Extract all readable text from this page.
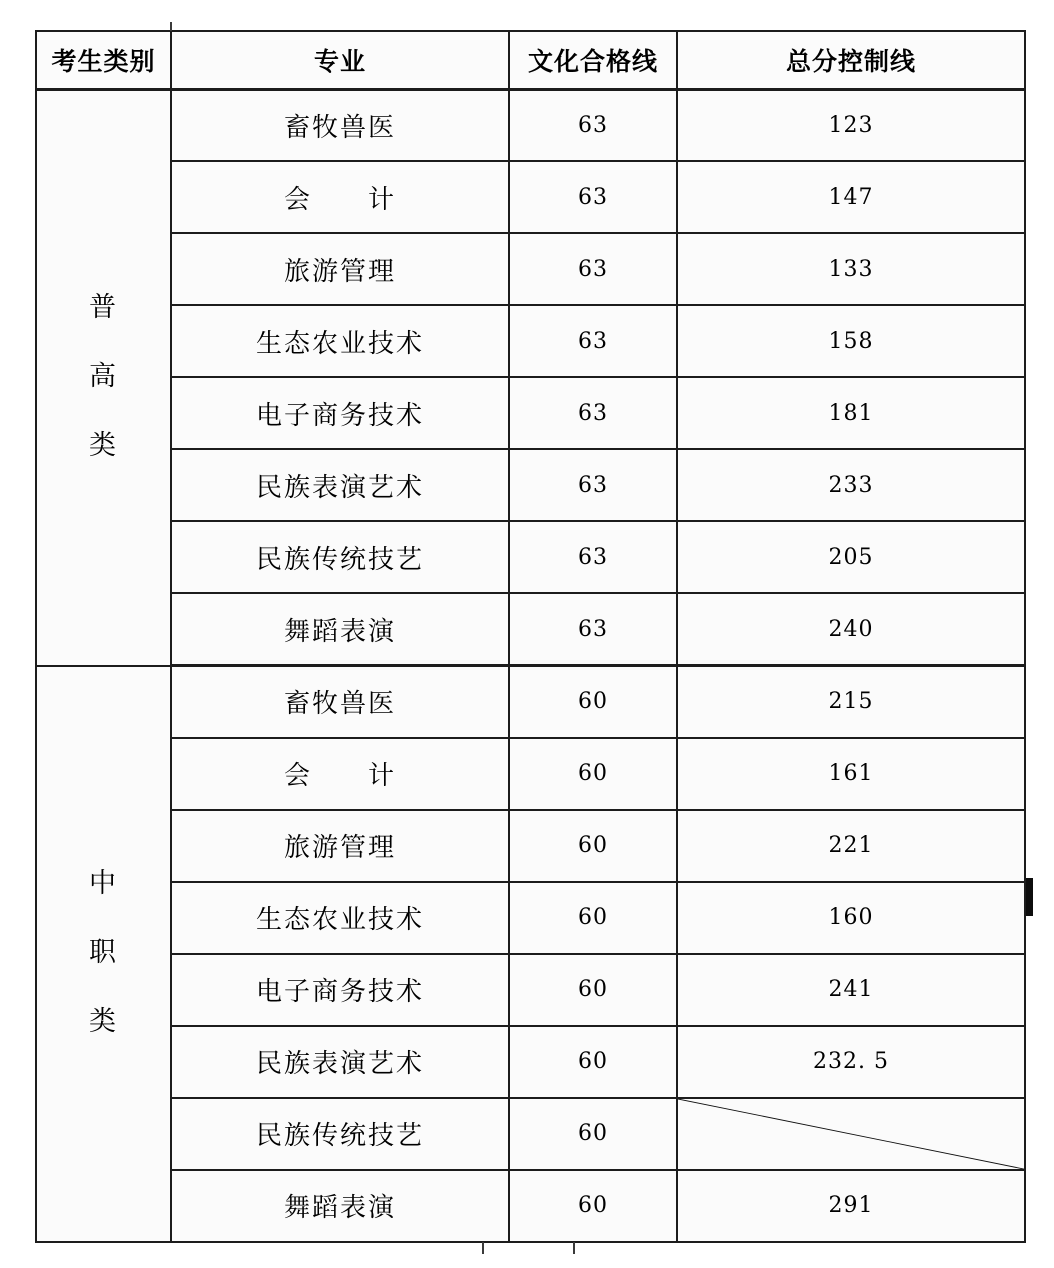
考生类别	专业	文化合格线	总分控制线

普
高
类	畜牧兽医	63	123
	会　　计	63	147
	旅游管理	63	133
	生态农业技术	63	158
	电子商务技术	63	181
	民族表演艺术	63	233
	民族传统技艺	63	205
	舞蹈表演	63	240

中
职
类	畜牧兽医	60	215
	会　　计	60	161
	旅游管理	60	221
	生态农业技术	60	160
	电子商务技术	60	241
	民族表演艺术	60	232. 5
	民族传统技艺	60	

	舞蹈表演	60	291
